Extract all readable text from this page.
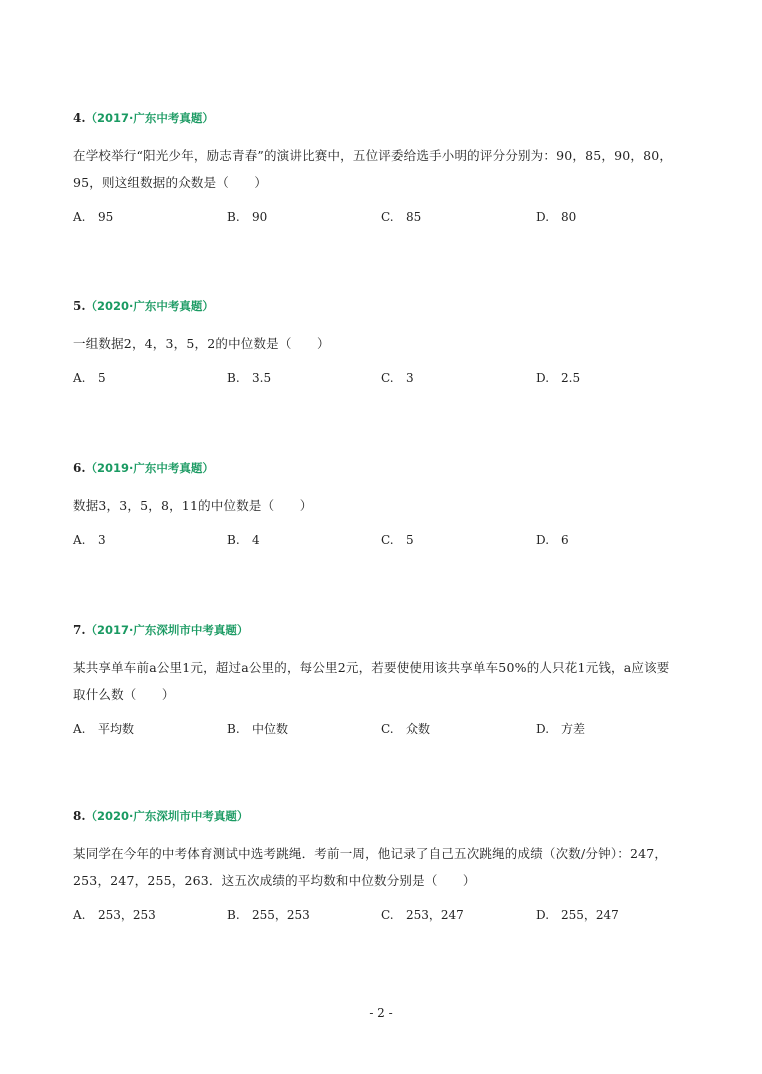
4.（2017·广东中考真题）
在学校举行“阳光少年，励志青春”的演讲比赛中，五位评委给选手小明的评分分别为：90，85，90，80，
95，则这组数据的众数是（　　）
A. 95	B. 90	C. 85	D. 80
5.（2020·广东中考真题）
一组数据2，4，3，5，2的中位数是（　　）
A. 5	B. 3.5	C. 3	D. 2.5
6.（2019·广东中考真题）
数据3，3，5，8，11的中位数是（　　）
A. 3	B. 4	C. 5	D. 6
7.（2017·广东深圳市中考真题）
某共享单车前a公里1元，超过a公里的，每公里2元，若要使使用该共享单车50%的人只花1元钱，a应该要
取什么数（　　）
A. 平均数	B. 中位数	C. 众数	D. 方差
8.（2020·广东深圳市中考真题）
某同学在今年的中考体育测试中选考跳绳．考前一周，他记录了自己五次跳绳的成绩（次数/分钟）：247，
253，247，255，263．这五次成绩的平均数和中位数分别是（　　）
A. 253，253	B. 255，253	C. 253，247	D. 255，247
- 2 -
